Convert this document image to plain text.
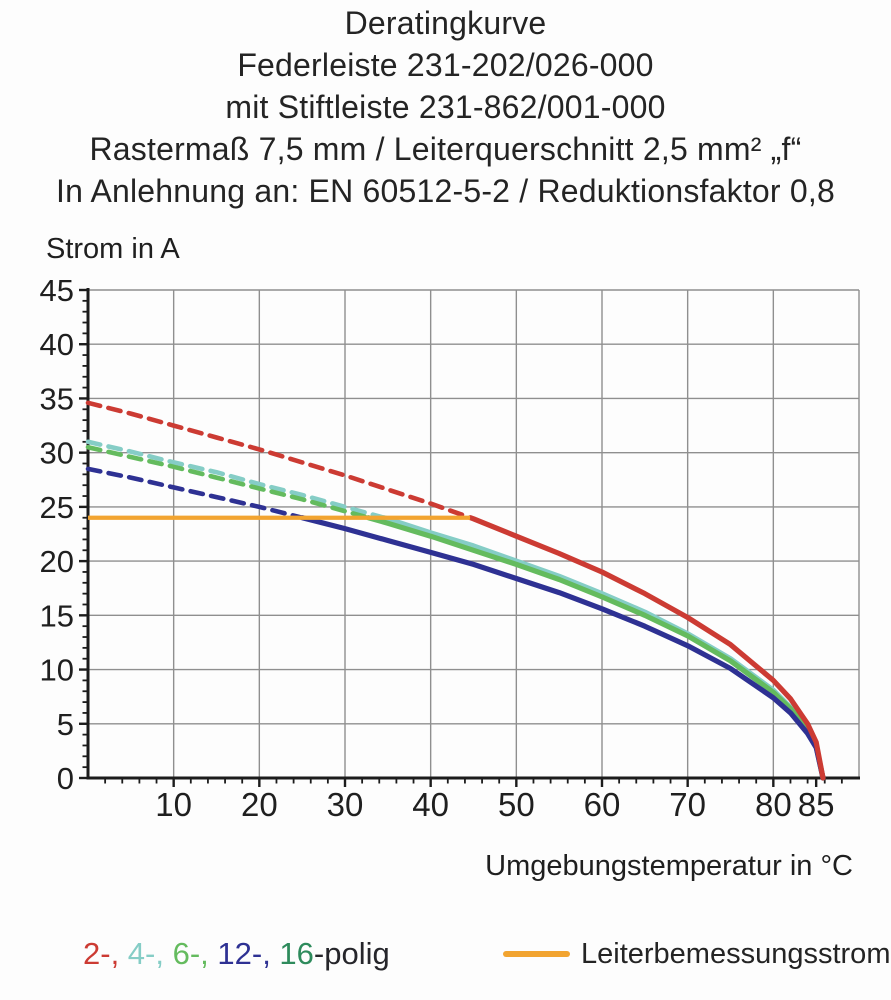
Deratingkurve
Federleiste 231-202/026-000
mit Stiftleiste 231-862/001-000
Rastermaß 7,5 mm / Leiterquerschnitt 2,5 mm² „f“
In Anlehnung an: EN 60512-5-2 / Reduktionsfaktor 0,8
10 20 30 40 50 60 70 80 85
0
5
10
15
20
25
30
35
40
45
Strom in A
Umgebungstemperatur in °C
2-, 4-, 6-, 12-, 16-polig	Leiterbemessungsstrom
